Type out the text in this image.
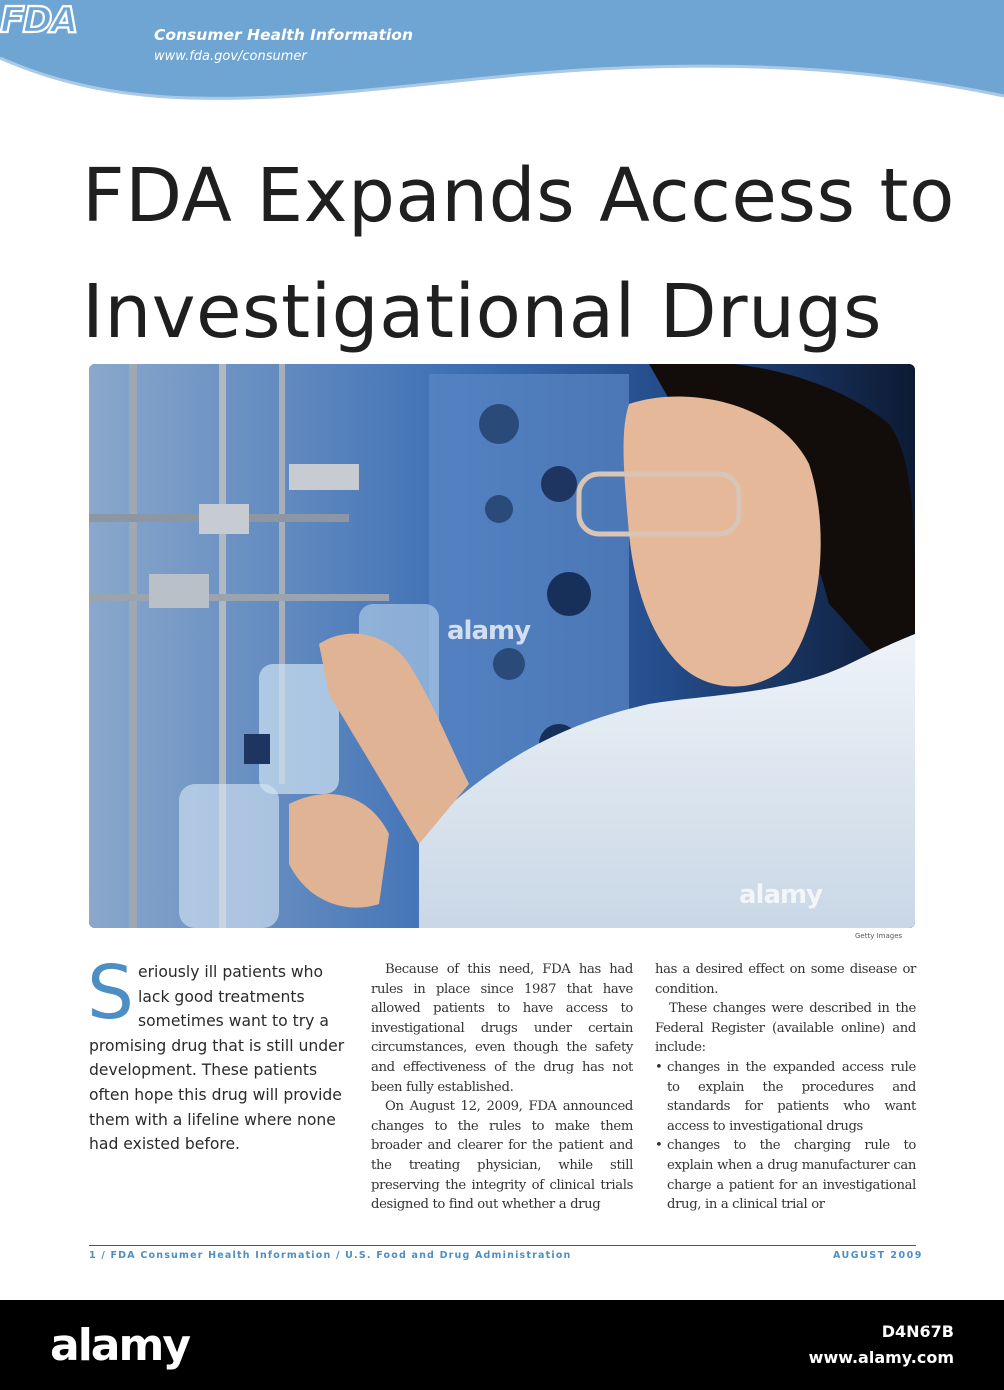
FDA	Consumer Health Information
www.fda.gov/consumer
FDA Expands Access to
Investigational Drugs
alamy
alamy
Getty Images

S eriously ill patients who lack good treatments sometimes want to try a promising drug that is still under development. These patients often hope this drug will provide them with a lifeline where none had existed before.

Because of this need, FDA has had rules in place since 1987 that have allowed patients to have access to investigational drugs under certain circumstances, even though the safety and effectiveness of the drug has not been fully established.

On August 12, 2009, FDA announced changes to the rules to make them broader and clearer for the patient and the treating physician, while still preserving the integrity of clinical trials designed to find out whether a drug

has a desired effect on some disease or condition.

These changes were described in the Federal Register (available online) and include:

• changes in the expanded access rule to explain the procedures and standards for patients who want access to investigational drugs
• changes to the charging rule to explain when a drug manufacturer can charge a patient for an investigational drug, in a clinical trial or
1 / FDA Consumer Health Information / U.S. Food and Drug Administration	AUGUST 2009
alamy	D4N67B
www.alamy.com
